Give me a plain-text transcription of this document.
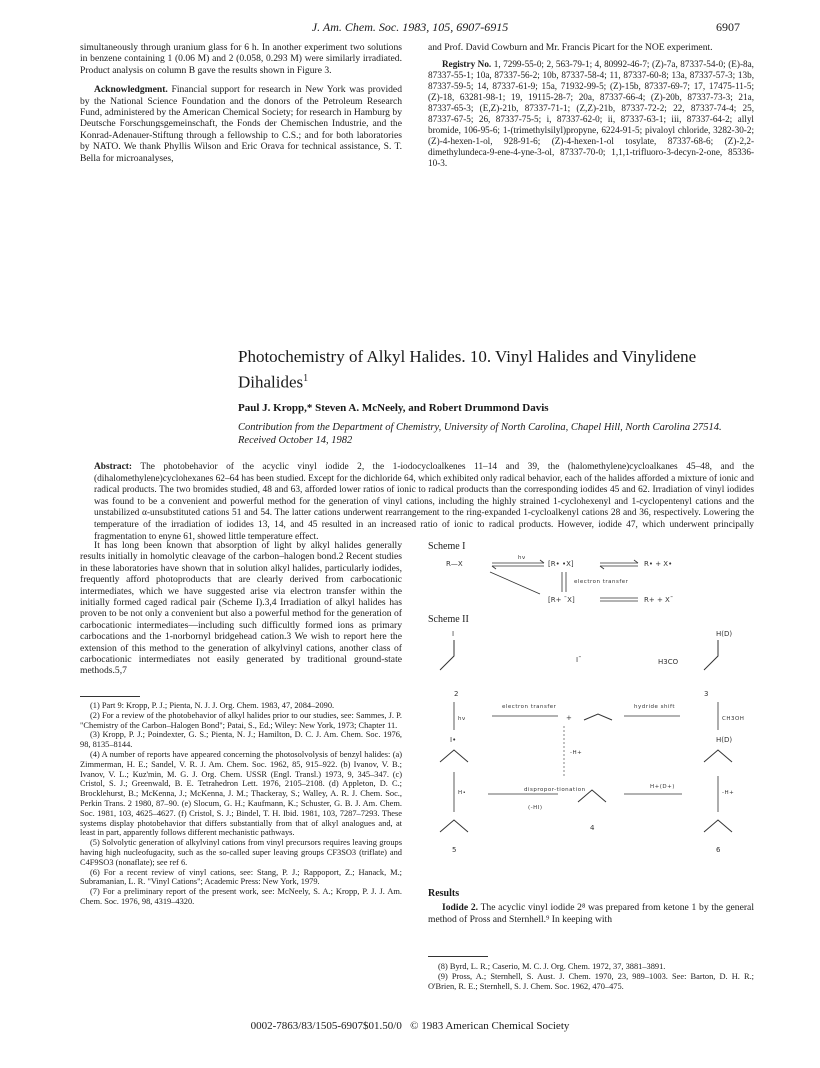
J. Am. Chem. Soc. 1983, 105, 6907-6915	6907

simultaneously through uranium glass for 6 h. In another experiment two solutions in benzene containing 1 (0.06 M) and 2 (0.058, 0.293 M) were similarly irradiated. Product analysis on column B gave the results shown in Figure 3.

Acknowledgment. Financial support for research in New York was provided by the National Science Foundation and the donors of the Petroleum Research Fund, administered by the American Chemical Society; for research in Hamburg by Deutsche Forschungsgemeinschaft, the Fonds der Chemischen Industrie, and the Konrad-Adenauer-Stiftung through a fellowship to C.S.; and for both laboratories by NATO. We thank Phyllis Wilson and Eric Orava for technical assistance, S. T. Bella for microanalyses,

and Prof. David Cowburn and Mr. Francis Picart for the NOE experiment.

Registry No. 1, 7299-55-0; 2, 563-79-1; 4, 80992-46-7; (Z)-7a, 87337-54-0; (E)-8a, 87337-55-1; 10a, 87337-56-2; 10b, 87337-58-4; 11, 87337-60-8; 13a, 87337-57-3; 13b, 87337-59-5; 14, 87337-61-9; 15a, 71932-99-5; (Z)-15b, 87337-69-7; 17, 17475-11-5; (Z)-18, 63281-98-1; 19, 19115-28-7; 20a, 87337-66-4; (Z)-20b, 87337-73-3; 21a, 87337-65-3; (E,Z)-21b, 87337-71-1; (Z,Z)-21b, 87337-72-2; 22, 87337-74-4; 25, 87337-67-5; 26, 87337-75-5; i, 87337-62-0; ii, 87337-63-1; iii, 87337-64-2; allyl bromide, 106-95-6; 1-(trimethylsilyl)propyne, 6224-91-5; pivaloyl chloride, 3282-30-2; (Z)-4-hexen-1-ol, 928-91-6; (Z)-4-hexen-1-ol tosylate, 87337-68-6; (Z)-2,2-dimethylundeca-9-ene-4-yne-3-ol, 87337-70-0; 1,1,1-trifluoro-3-decyn-2-one, 85336-10-3.

Photochemistry of Alkyl Halides. 10. Vinyl Halides and Vinylidene Dihalides$^1$
Paul J. Kropp,* Steven A. McNeely, and Robert Drummond Davis
Contribution from the Department of Chemistry, University of North Carolina, Chapel Hill, North Carolina 27514. Received October 14, 1982
Abstract: The photobehavior of the acyclic vinyl iodide 2, the 1-iodocycloalkenes 11–14 and 39, the (halomethylene)cycloalkanes 45–48, and the (dihalomethylene)cyclohexanes 62–64 has been studied. Except for the dichloride 64, which exhibited only radical behavior, each of the halides afforded a mixture of ionic and radical products. The two bromides studied, 48 and 63, afforded lower ratios of ionic to radical products than the corresponding iodides 45 and 62. Irradiation of vinyl iodides was found to be a convenient and powerful method for the generation of vinyl cations, including the highly strained 1-cyclohexenyl and 1-cyclopentenyl cations and the unstabilized α-unsubstituted cations 51 and 54. The latter cations underwent rearrangement to the ring-expanded 1-cycloalkenyl cations 28 and 36, respectively. Lowering the temperature of the irradiation of iodides 13, 14, and 45 resulted in an increased ratio of ionic to radical products. However, iodide 47, which underwent principally fragmentation to enyne 61, showed little temperature effect.

It has long been known that absorption of light by alkyl halides generally results initially in homolytic cleavage of the carbon–halogen bond.2 Recent studies in these laboratories have shown that in solution alkyl halides, particularly iodides, frequently afford photoproducts that are clearly derived from carbocationic intermediates, which we have suggested arise via electron transfer within the initially formed caged radical pair (Scheme I).3,4 Irradiation of alkyl halides has proven to be not only a convenient but also a powerful method for the generation of carbocationic intermediates—including such difficultly formed ions as primary carbocations and the 1-norbornyl bridgehead cation.3 We wish to report here the extension of this method to the generation of alkylvinyl cations, another class of carbocationic intermediates not easily generated by traditional ground-state methods.5,7

(1) Part 9: Kropp, P. J.; Pienta, N. J. J. Org. Chem. 1983, 47, 2084–2090.

(2) For a review of the photobehavior of alkyl halides prior to our studies, see: Sammes, J. P. "Chemistry of the Carbon–Halogen Bond"; Patai, S., Ed.; Wiley: New York, 1973; Chapter 11.

(3) Kropp, P. J.; Poindexter, G. S.; Pienta, N. J.; Hamilton, D. C. J. Am. Chem. Soc. 1976, 98, 8135–8144.

(4) A number of reports have appeared concerning the photosolvolysis of benzyl halides: (a) Zimmerman, H. E.; Sandel, V. R. J. Am. Chem. Soc. 1962, 85, 915–922. (b) Ivanov, V. B.; Ivanov, V. L.; Kuz'min, M. G. J. Org. Chem. USSR (Engl. Transl.) 1973, 9, 345–347. (c) Cristol, S. J.; Greenwald, B. E. Tetrahedron Lett. 1976, 2105–2108. (d) Appleton, D. C.; Brocklehurst, B.; McKenna, J.; McKenna, J. M.; Thackeray, S.; Walley, A. R. J. Chem. Soc., Perkin Trans. 2 1980, 87–90. (e) Slocum, G. H.; Kaufmann, K.; Schuster, G. B. J. Am. Chem. Soc. 1981, 103, 4625–4627. (f) Cristol, S. J.; Bindel, T. H. Ibid. 1981, 103, 7287–7293. These systems display photobehavior that differs substantially from that of alkyl analogues and, at least in part, apparently follows different mechanistic pathways.

(5) Solvolytic generation of alkylvinyl cations from vinyl precursors requires leaving groups having high nucleofugacity, such as the so-called super leaving groups CF3SO3 (triflate) and C4F9SO3 (nonaflate); see ref 6.

(6) For a recent review of vinyl cations, see: Stang, P. J.; Rappoport, Z.; Hanack, M.; Subramanian, L. R. "Vinyl Cations"; Academic Press: New York, 1979.

(7) For a preliminary report of the present work, see: McNeely, S. A.; Kropp, P. J. J. Am. Chem. Soc. 1976, 98, 4319–4320.

Scheme I
R—X
hν
[R• •X]	R• + X•
electron transfer
[R+ ¯X]	R+ + X¯
Scheme II
I
2
I¯
H(D)
H3CO
3
hν
electron transfer
+
hydride shift
CH3OH
I•
-H+
H(D)
H•	dispropor-tionation
(-HI)
4
H+(D+)
-H+
5	6
Results

Iodide 2. The acyclic vinyl iodide 2⁸ was prepared from ketone 1 by the general method of Pross and Sternhell.⁹ In keeping with

(8) Byrd, L. R.; Caserio, M. C. J. Org. Chem. 1972, 37, 3881–3891.

(9) Pross, A.; Sternhell, S. Aust. J. Chem. 1970, 23, 989–1003. See: Barton, D. H. R.; O'Brien, R. E.; Sternhell, S. J. Chem. Soc. 1962, 470–475.

0002-7863/83/1505-6907$01.50/0 © 1983 American Chemical Society
